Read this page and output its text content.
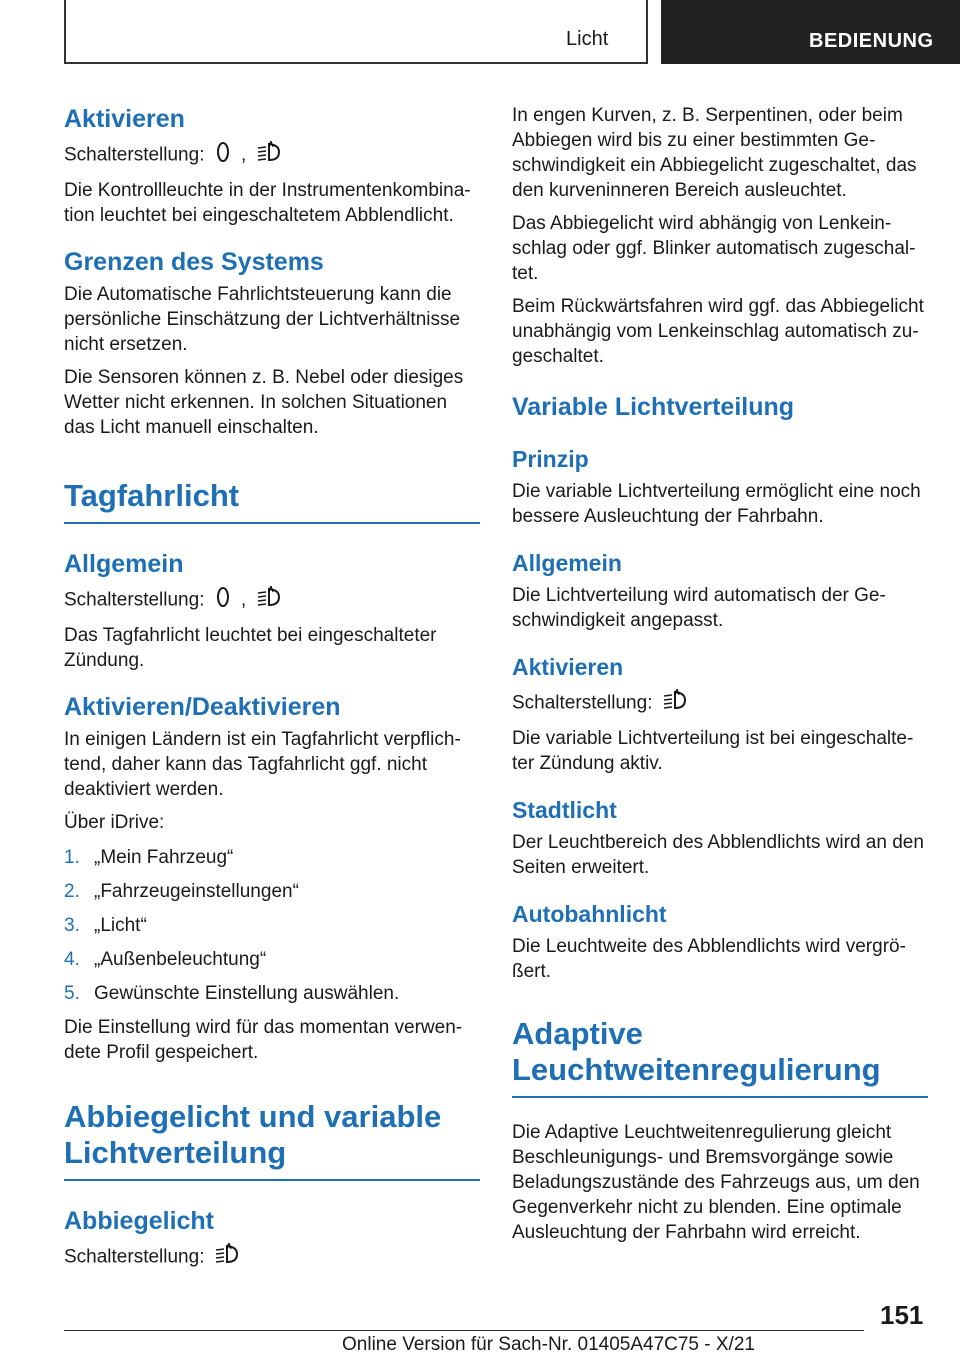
Licht	BEDIENUNG
Aktivieren

Schalterstellung: ,
A

Die Kontrollleuchte in der Instrumentenkombina-tion leuchtet bei eingeschaltetem Abblendlicht.

Grenzen des Systems

Die Automatische Fahrlichtsteuerung kann die persönliche Einschätzung der Lichtverhältnisse nicht ersetzen.

Die Sensoren können z. B. Nebel oder diesiges Wetter nicht erkennen. In solchen Situationen das Licht manuell einschalten.

Tagfahrlicht
Allgemein

Schalterstellung: ,
A

Das Tagfahrlicht leuchtet bei eingeschalteter Zündung.

Aktivieren/Deaktivieren

In einigen Ländern ist ein Tagfahrlicht verpflich-tend, daher kann das Tagfahrlicht ggf. nicht deaktiviert werden.

Über iDrive:

1. „Mein Fahrzeug“
2. „Fahrzeugeinstellungen“
3. „Licht“
4. „Außenbeleuchtung“
5. Gewünschte Einstellung auswählen.

Die Einstellung wird für das momentan verwen-dete Profil gespeichert.

Abbiegelicht und variable Lichtverteilung
Abbiegelicht

Schalterstellung:
A

In engen Kurven, z. B. Serpentinen, oder beim Abbiegen wird bis zu einer bestimmten Ge-schwindigkeit ein Abbiegelicht zugeschaltet, das den kurveninneren Bereich ausleuchtet.

Das Abbiegelicht wird abhängig von Lenkein-schlag oder ggf. Blinker automatisch zugeschal-tet.

Beim Rückwärtsfahren wird ggf. das Abbiegelicht unabhängig vom Lenkeinschlag automatisch zu-geschaltet.

Variable Lichtverteilung
Prinzip

Die variable Lichtverteilung ermöglicht eine noch bessere Ausleuchtung der Fahrbahn.

Allgemein

Die Lichtverteilung wird automatisch der Ge-schwindigkeit angepasst.

Aktivieren

Schalterstellung:
A

Die variable Lichtverteilung ist bei eingeschalte-ter Zündung aktiv.

Stadtlicht

Der Leuchtbereich des Abblendlichts wird an den Seiten erweitert.

Autobahnlicht

Die Leuchtweite des Abblendlichts wird vergrö-ßert.

Adaptive Leuchtweitenregulierung

Die Adaptive Leuchtweitenregulierung gleicht Beschleunigungs- und Bremsvorgänge sowie Beladungszustände des Fahrzeugs aus, um den Gegenverkehr nicht zu blenden. Eine optimale Ausleuchtung der Fahrbahn wird erreicht.

151
Online Version für Sach-Nr. 01405A47C75 - X/21
